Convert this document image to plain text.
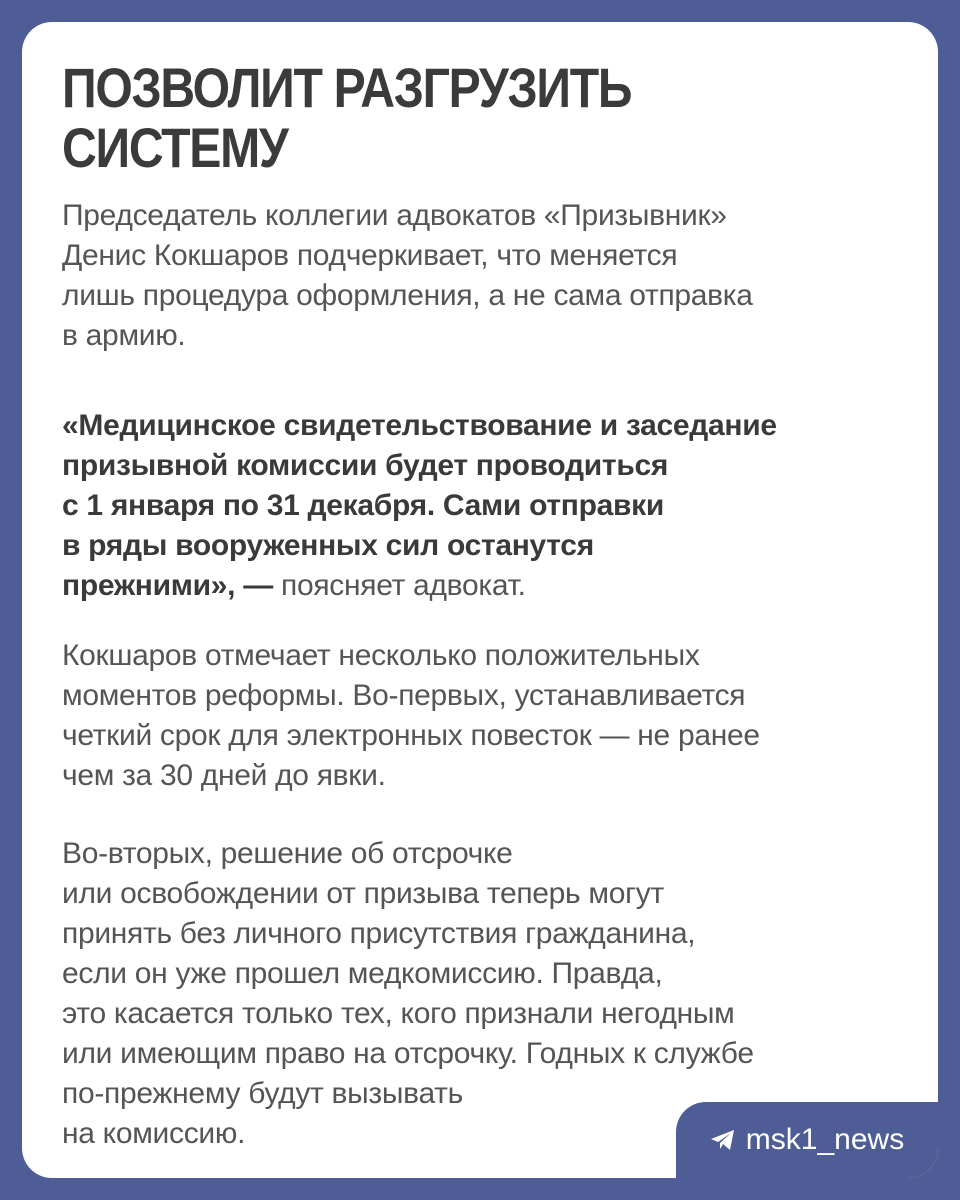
ПОЗВОЛИТ РАЗГРУЗИТЬ
СИСТЕМУ

Председатель коллегии адвокатов «Призывник»
Денис Кокшаров подчеркивает, что меняется
лишь процедура оформления, а не сама отправка
в армию.

«Медицинское свидетельствование и заседание
призывной комиссии будет проводиться
с 1 января по 31 декабря. Сами отправки
в ряды вооруженных сил останутся
прежними», — поясняет адвокат.

Кокшаров отмечает несколько положительных
моментов реформы. Во-первых, устанавливается
четкий срок для электронных повесток — не ранее
чем за 30 дней до явки.

Во-вторых, решение об отсрочке
или освобождении от призыва теперь могут
принять без личного присутствия гражданина,
если он уже прошел медкомиссию. Правда,
это касается только тех, кого признали негодным
или имеющим право на отсрочку. Годных к службе
по-прежнему будут вызывать
на комиссию.	msk1_news
